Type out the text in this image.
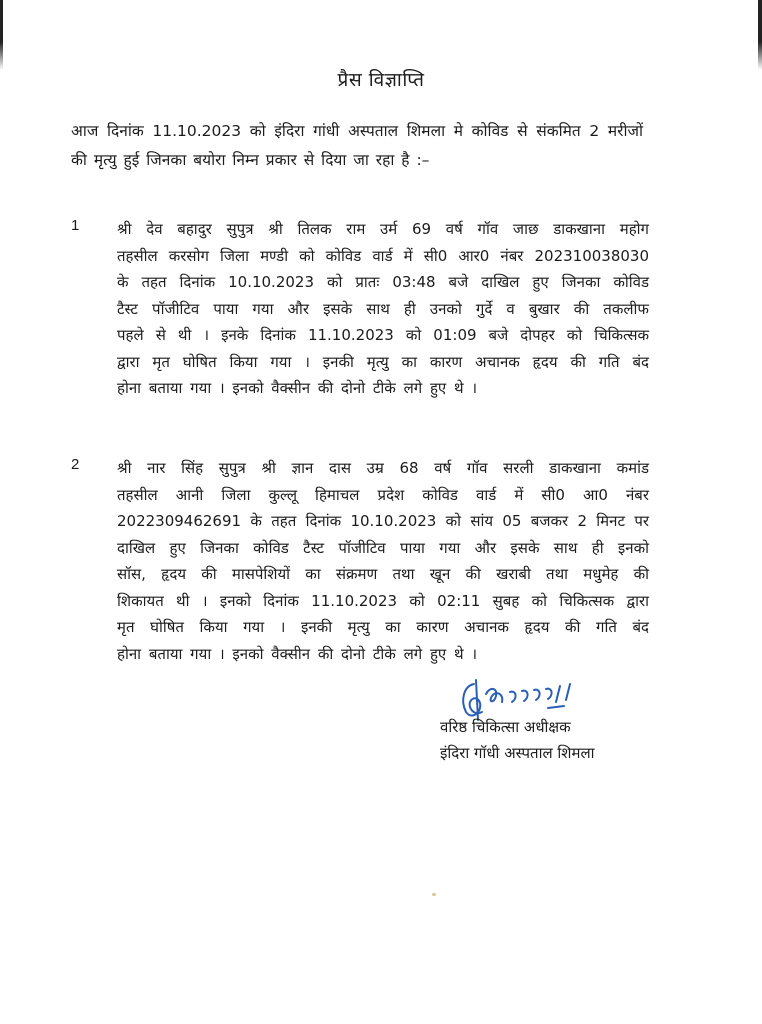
प्रैस विज्ञाप्ति
आज दिनांक 11.10.2023 को इंदिरा गांधी अस्पताल शिमला मे कोविड से संकमित 2 मरीजों की मृत्यु हुई जिनका बयोरा निम्न प्रकार से दिया जा रहा है :–
1	श्री देव बहादुर सुपुत्र श्री तिलक राम उर्म 69 वर्ष गॉव जाछ डाकखाना महोग
तहसील करसोग जिला मण्डी को कोविड वार्ड में सी0 आर0 नंबर 202310038030
के तहत दिनांक 10.10.2023 को प्रातः 03:48 बजे दाखिल हुए जिनका कोविड
टैस्ट पॉजीटिव पाया गया और इसके साथ ही उनको गुर्दे व बुखार की तकलीफ
पहले से थी । इनके दिनांक 11.10.2023 को 01:09 बजे दोपहर को चिकित्सक
द्वारा मृत घोषित किया गया । इनकी मृत्यु का कारण अचानक हृदय की गति बंद
होना बताया गया । इनको वैक्सीन की दोनो टीके लगे हुए थे ।
2	श्री नार सिंह सुपुत्र श्री ज्ञान दास उम्र 68 वर्ष गॉव सरली डाकखाना कमांड
तहसील आनी जिला कुल्लू हिमाचल प्रदेश कोविड वार्ड में सी0 आ0 नंबर
2022309462691 के तहत दिनांक 10.10.2023 को सांय 05 बजकर 2 मिनट पर
दाखिल हुए जिनका कोविड टैस्ट पॉजीटिव पाया गया और इसके साथ ही इनको
सॉस, हृदय की मासपेशियों का संक्रमण तथा खून की खराबी तथा मधुमेह की
शिकायत थी । इनको दिनांक 11.10.2023 को 02:11 सुबह को चिकित्सक द्वारा
मृत घोषित किया गया । इनकी मृत्यु का कारण अचानक हृदय की गति बंद
होना बताया गया । इनको वैक्सीन की दोनो टीके लगे हुए थे ।
वरिष्ठ चिकित्सा अधीक्षक
इंदिरा गॉधी अस्पताल शिमला
